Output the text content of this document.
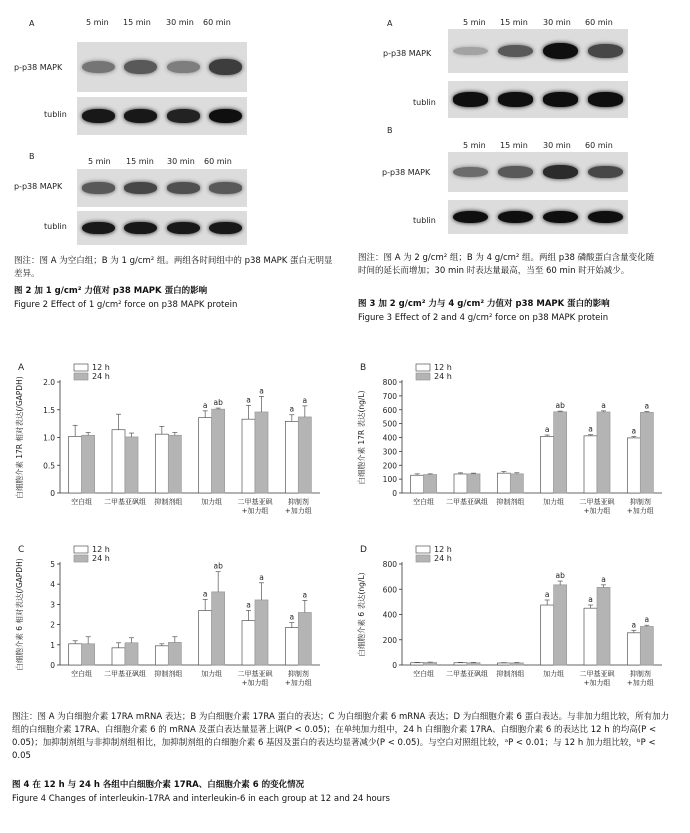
A	5 min 15 min 30 min 60 min
p-p38 MAPK
tublin
B
5 min 15 min 30 min 60 min
p-p38 MAPK
tublin
图注：图 A 为空白组；B 为 1 g/cm² 组。两组各时间组中的 p38 MAPK 蛋白无明显差异。
图 2 加 1 g/cm² 力值对 p38 MAPK 蛋白的影响
Figure 2 Effect of 1 g/cm² force on p38 MAPK protein
A	5 min 15 min 30 min 60 min
p-p38 MAPK
tublin
B
5 min 15 min 30 min 60 min
p-p38 MAPK
tublin
图注：图 A 为 2 g/cm² 组；B 为 4 g/cm² 组。两组 p38 磷酸蛋白含量变化随时间的延长而增加；30 min 时表达量最高，当至 60 min 时开始减少。
图 3 加 2 g/cm² 力与 4 g/cm² 力值对 p38 MAPK 蛋白的影响
Figure 3 Effect of 2 and 4 g/cm² force on p38 MAPK protein
A
白细胞介素 17R 相对表达(/GAPDH)	0
0.5
1.0
1.5
2.0
空白组 二甲基亚砜组 抑制剂组
a ab
加力组
a
a
二甲基亚砜
+加力组
a
a
抑制剂
+加力组
12 h
24 h
B
白细胞介素 17R 表达(ng/L)
0
100
200
300
400
500
600
700
800
空白组 二甲基亚砜组 抑制剂组
a
ab
加力组
a
a
二甲基亚砜
+加力组
a
a
抑制剂
+加力组
12 h
24 h
C
白细胞介素 6 相对表达(/GAPDH)	0
1
2
3
4
5
空白组 二甲基亚砜组 抑制剂组
a
ab
加力组
a
a
二甲基亚砜
+加力组
a
a
抑制剂
+加力组
12 h
24 h
D
白细胞介素 6 表达(ng/L)
0
200
400
600
800
空白组 二甲基亚砜组 抑制剂组
a
ab
加力组
a
a
二甲基亚砜
+加力组
a
a
抑制剂
+加力组
12 h
24 h
图注：图 A 为白细胞介素 17RA mRNA 表达；B 为白细胞介素 17RA 蛋白的表达；C 为白细胞介素 6 mRNA 表达；D 为白细胞介素 6 蛋白表达。与非加力组比较，所有加力组的白细胞介素 17RA、白细胞介素 6 的 mRNA 及蛋白表达量显著上调(P < 0.05)；在单纯加力组中，24 h 白细胞介素 17RA、白细胞介素 6 的表达比 12 h 的均高(P < 0.05)；加抑制剂组与非抑制剂组相比，加抑制剂组的白细胞介素 6 基因及蛋白的表达均显著减少(P < 0.05)。与空白对照组比较，ᵃP < 0.01；与 12 h 加力组比较，ᵇP < 0.05
图 4 在 12 h 与 24 h 各组中白细胞介素 17RA、白细胞介素 6 的变化情况
Figure 4 Changes of interleukin-17RA and interleukin-6 in each group at 12 and 24 hours
